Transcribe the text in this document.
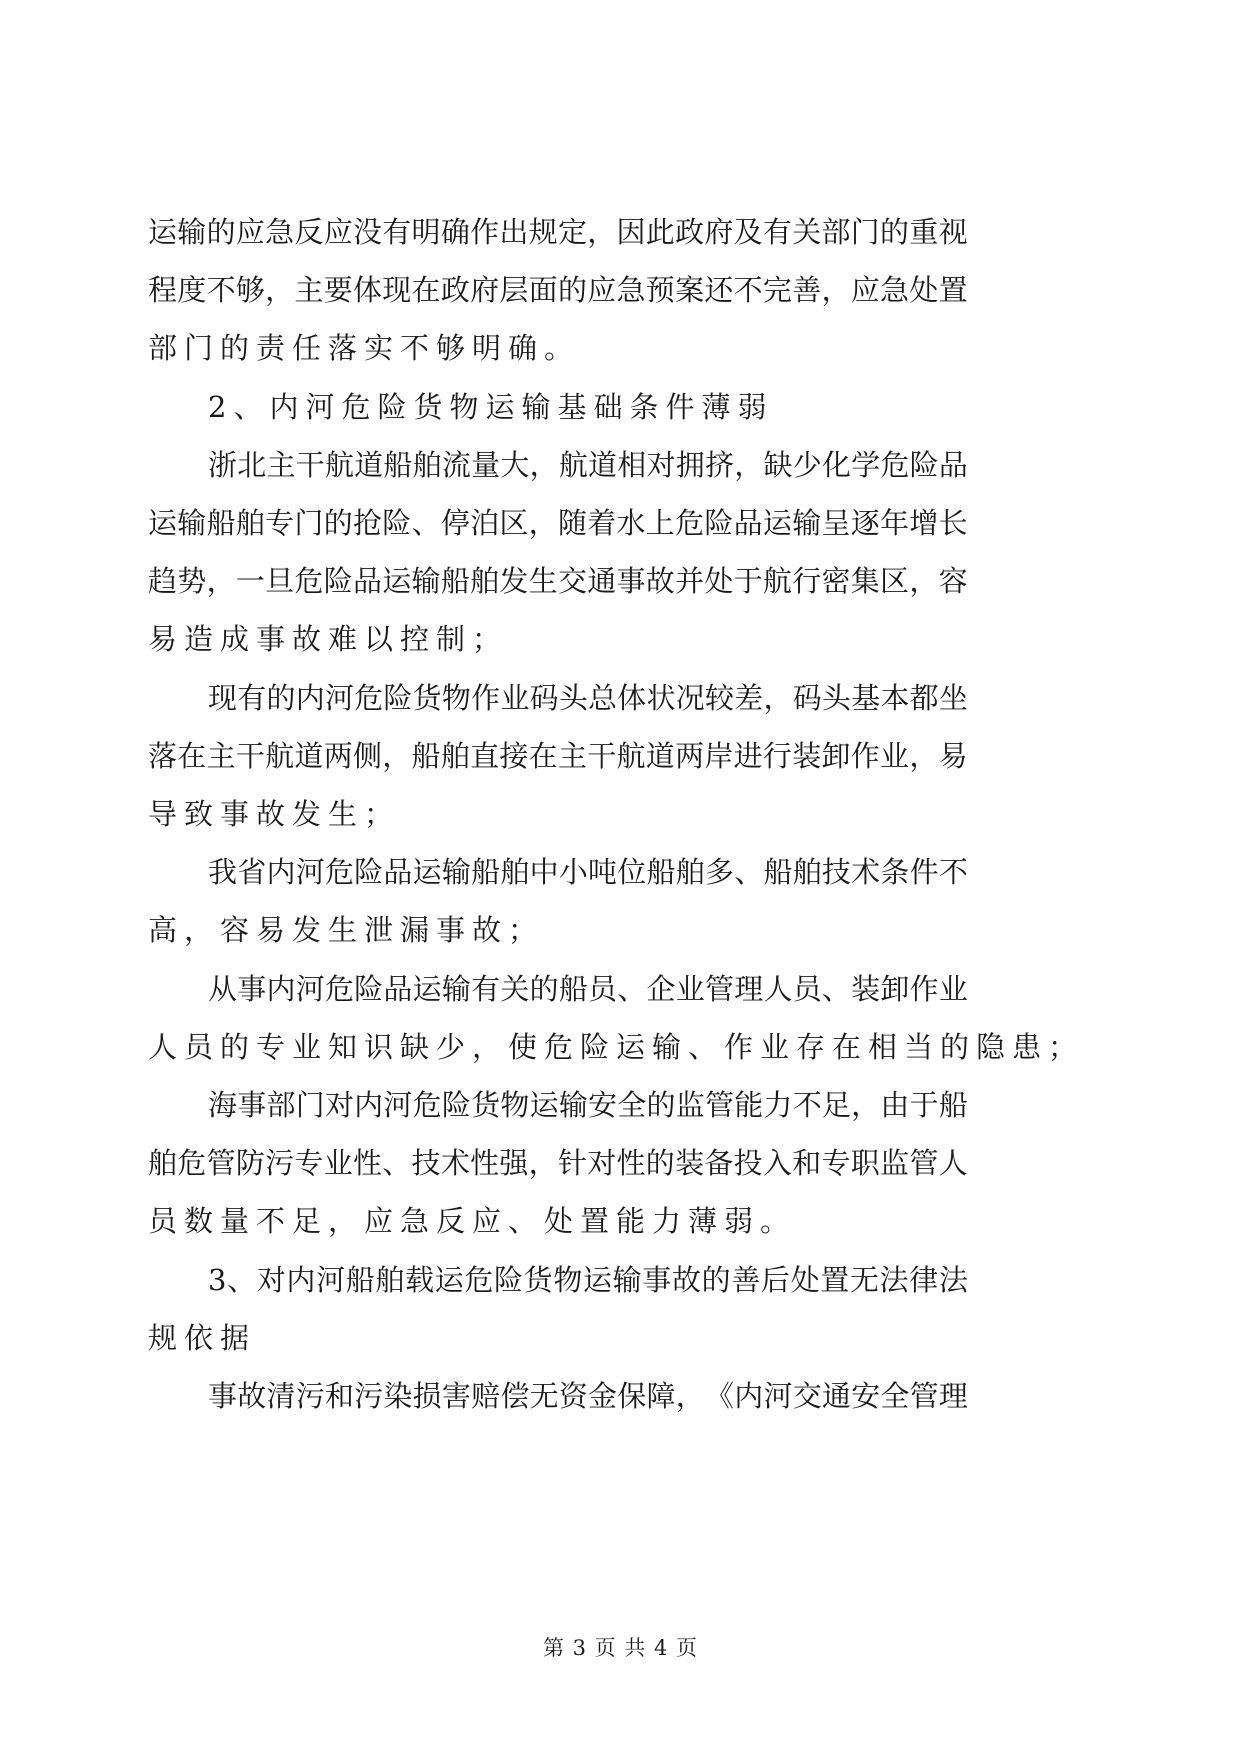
运 输 的 应 急 反 应 没 有 明 确 作 出 规 定 ， 因 此 政 府 及 有 关 部 门 的 重 视
程 度 不 够 ， 主 要 体 现 在 政 府 层 面 的 应 急 预 案 还 不 完 善 ， 应 急 处 置
部门的责任落实不够明确。
2、内河危险货物运输基础条件薄弱
浙 北 主 干 航 道 船 舶 流 量 大 ， 航 道 相 对 拥 挤 ， 缺 少 化 学 危 险 品
运 输 船 舶 专 门 的 抢 险 、 停 泊 区 ， 随 着 水 上 危 险 品 运 输 呈 逐 年 增 长
趋 势 ， 一 旦 危 险 品 运 输 船 舶 发 生 交 通 事 故 并 处 于 航 行 密 集 区 ， 容
易造成事故难以控制；
现 有 的 内 河 危 险 货 物 作 业 码 头 总 体 状 况 较 差 ， 码 头 基 本 都 坐
落 在 主 干 航 道 两 侧 ， 船 舶 直 接 在 主 干 航 道 两 岸 进 行 装 卸 作 业 ， 易
导致事故发生；
我 省 内 河 危 险 品 运 输 船 舶 中 小 吨 位 船 舶 多 、 船 舶 技 术 条 件 不
高，容易发生泄漏事故；
从 事 内 河 危 险 品 运 输 有 关 的 船 员 、 企 业 管 理 人 员 、 装 卸 作 业
人员的专业知识缺少，使危险运输、作业存在相当的隐患；
海 事 部 门 对 内 河 危 险 货 物 运 输 安 全 的 监 管 能 力 不 足 ， 由 于 船
舶 危 管 防 污 专 业 性 、 技 术 性 强 ， 针 对 性 的 装 备 投 入 和 专 职 监 管 人
员数量不足，应急反应、处置能力薄弱。
3 、 对 内 河 船 舶 载 运 危 险 货 物 运 输 事 故 的 善 后 处 置 无 法 律 法
规依据
事 故 清 污 和 污 染 损 害 赔 偿 无 资 金 保 障 ， 《 内 河 交 通 安 全 管 理
第 3 页 共 4 页
